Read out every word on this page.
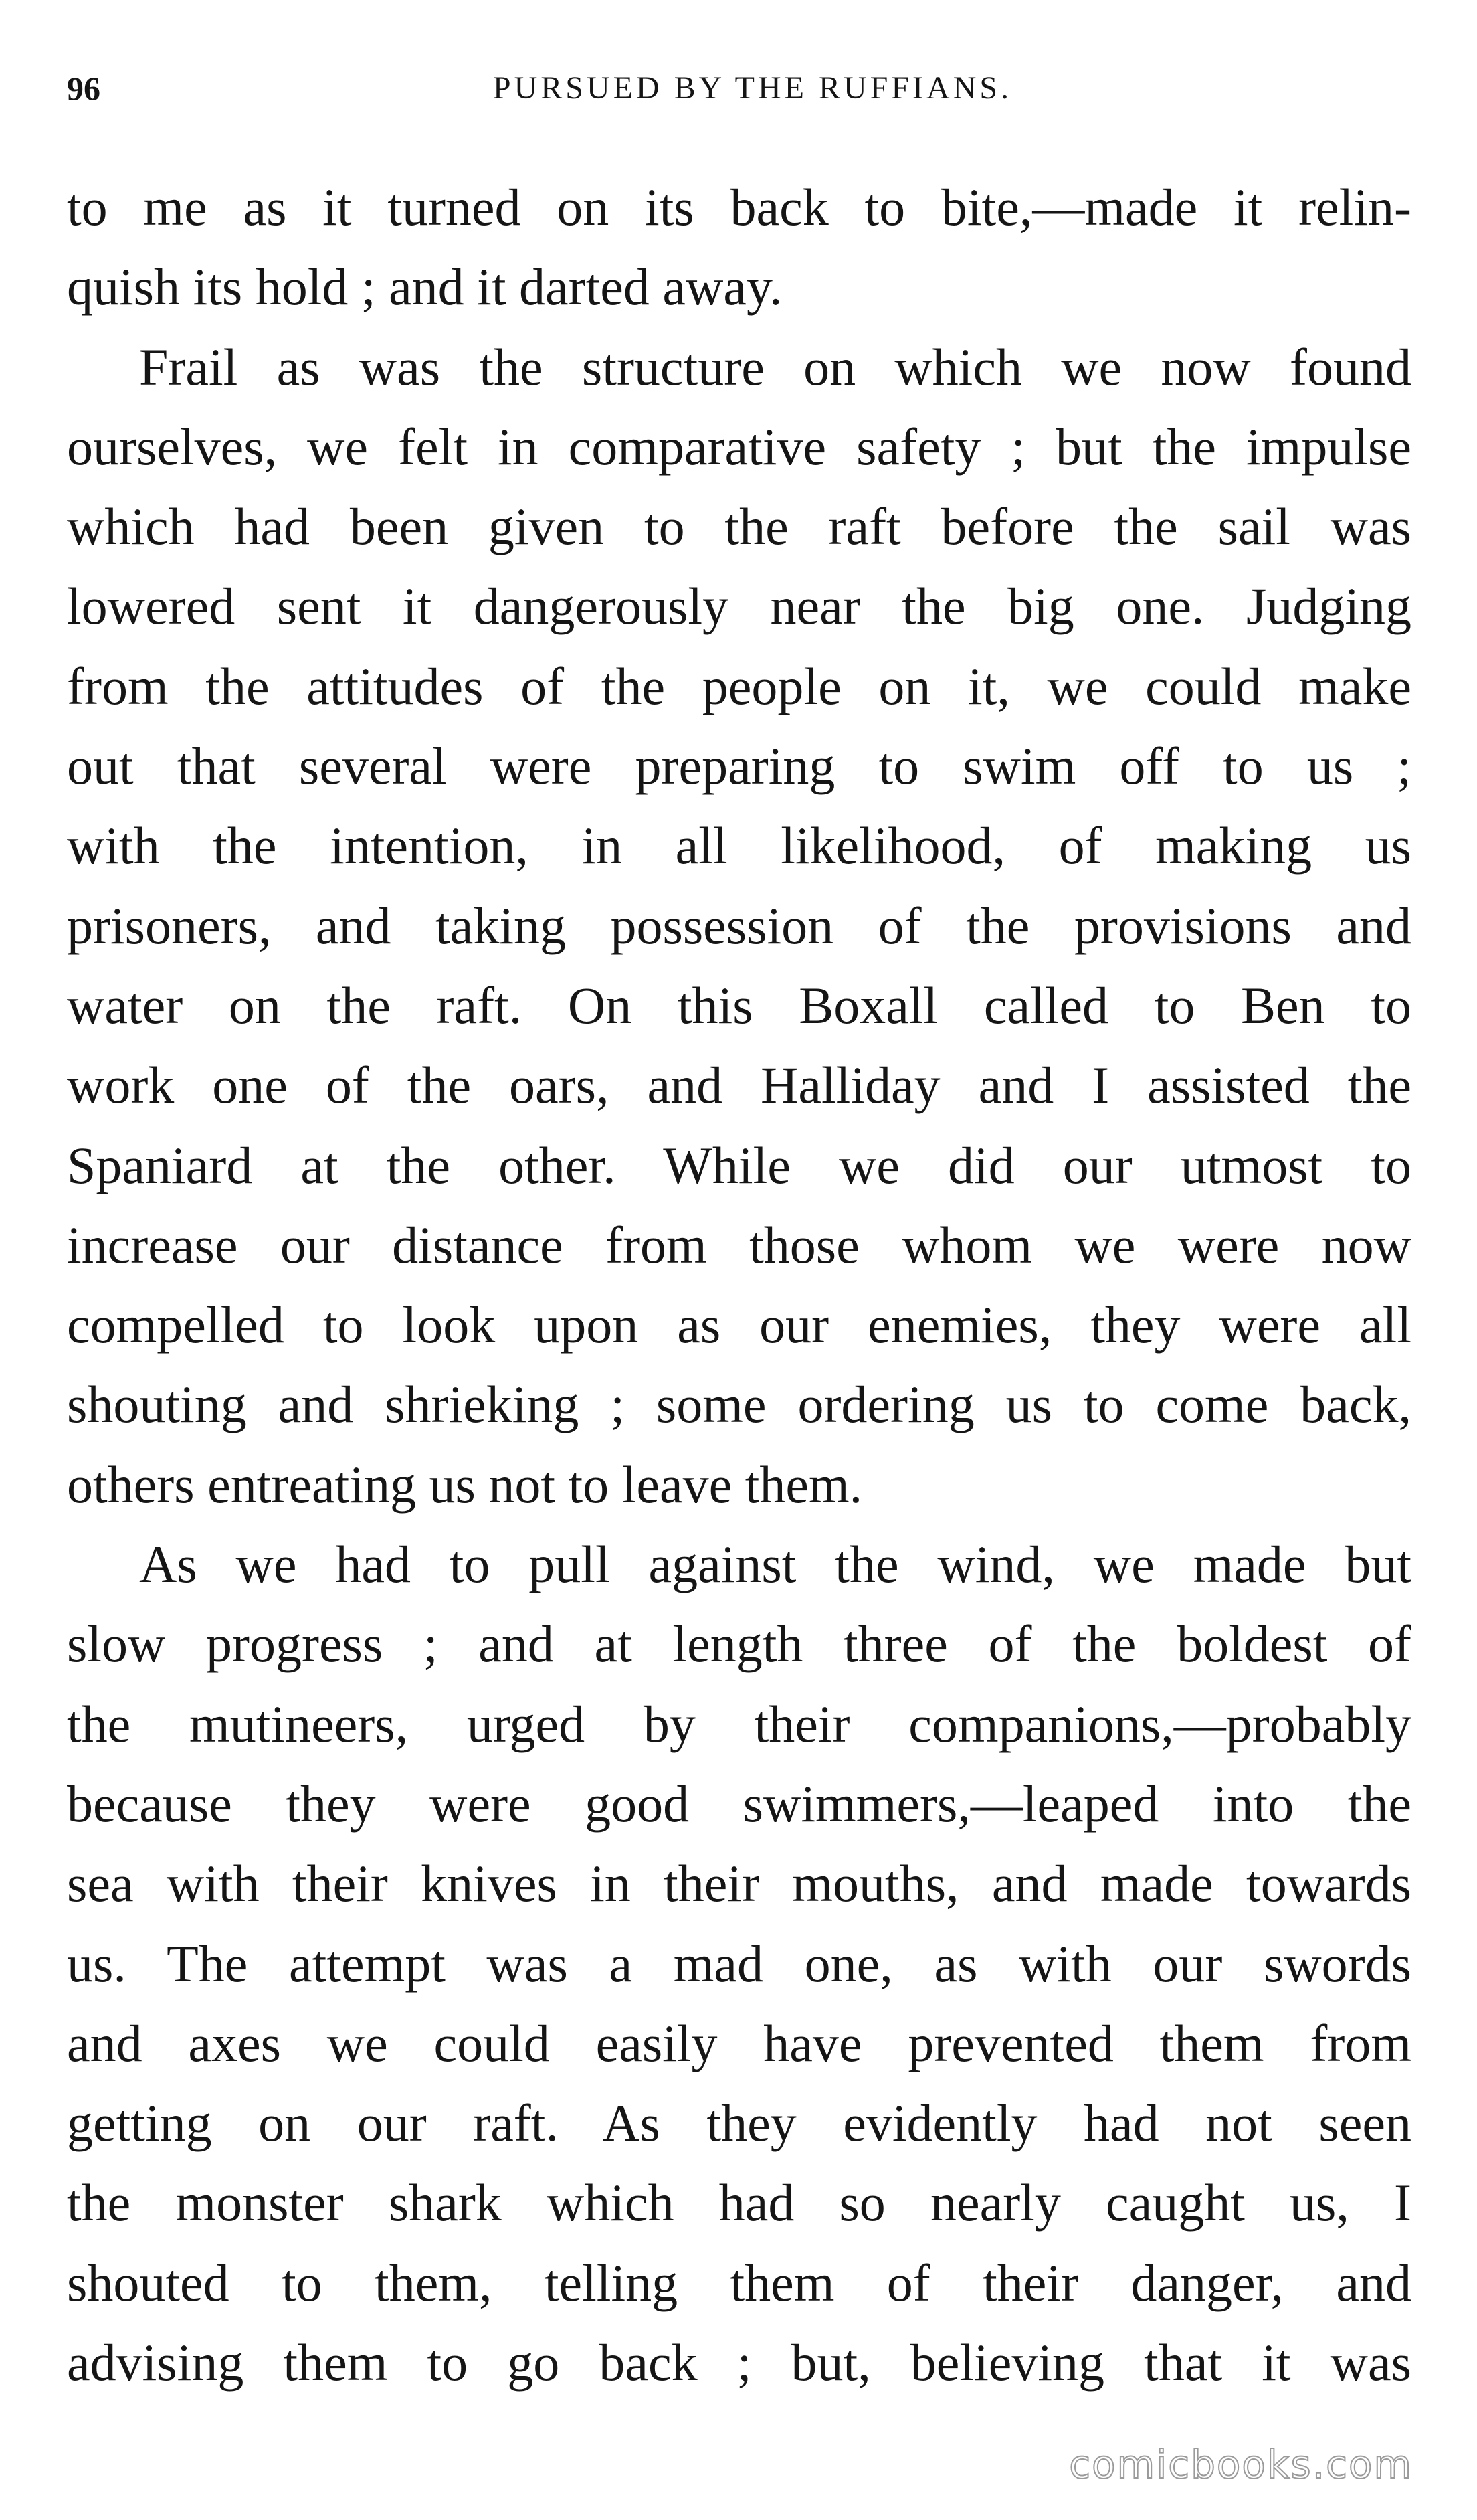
96	PURSUED BY THE RUFFIANS.
to me as it turned on its back to bite,—made it relin-
quish its hold ; and it darted away.
Frail as was the structure on which we now found
ourselves, we felt in comparative safety ; but the impulse
which had been given to the raft before the sail was
lowered sent it dangerously near the big one. Judging
from the attitudes of the people on it, we could make
out that several were preparing to swim off to us ;
with the intention, in all likelihood, of making us
prisoners, and taking possession of the provisions and
water on the raft. On this Boxall called to Ben to
work one of the oars, and Halliday and I assisted the
Spaniard at the other. While we did our utmost to
increase our distance from those whom we were now
compelled to look upon as our enemies, they were all
shouting and shrieking ; some ordering us to come back,
others entreating us not to leave them.
As we had to pull against the wind, we made but
slow progress ; and at length three of the boldest of
the mutineers, urged by their companions,—probably
because they were good swimmers,—leaped into the
sea with their knives in their mouths, and made towards
us. The attempt was a mad one, as with our swords
and axes we could easily have prevented them from
getting on our raft. As they evidently had not seen
the monster shark which had so nearly caught us, I
shouted to them, telling them of their danger, and
advising them to go back ; but, believing that it was
comicbooks.com
